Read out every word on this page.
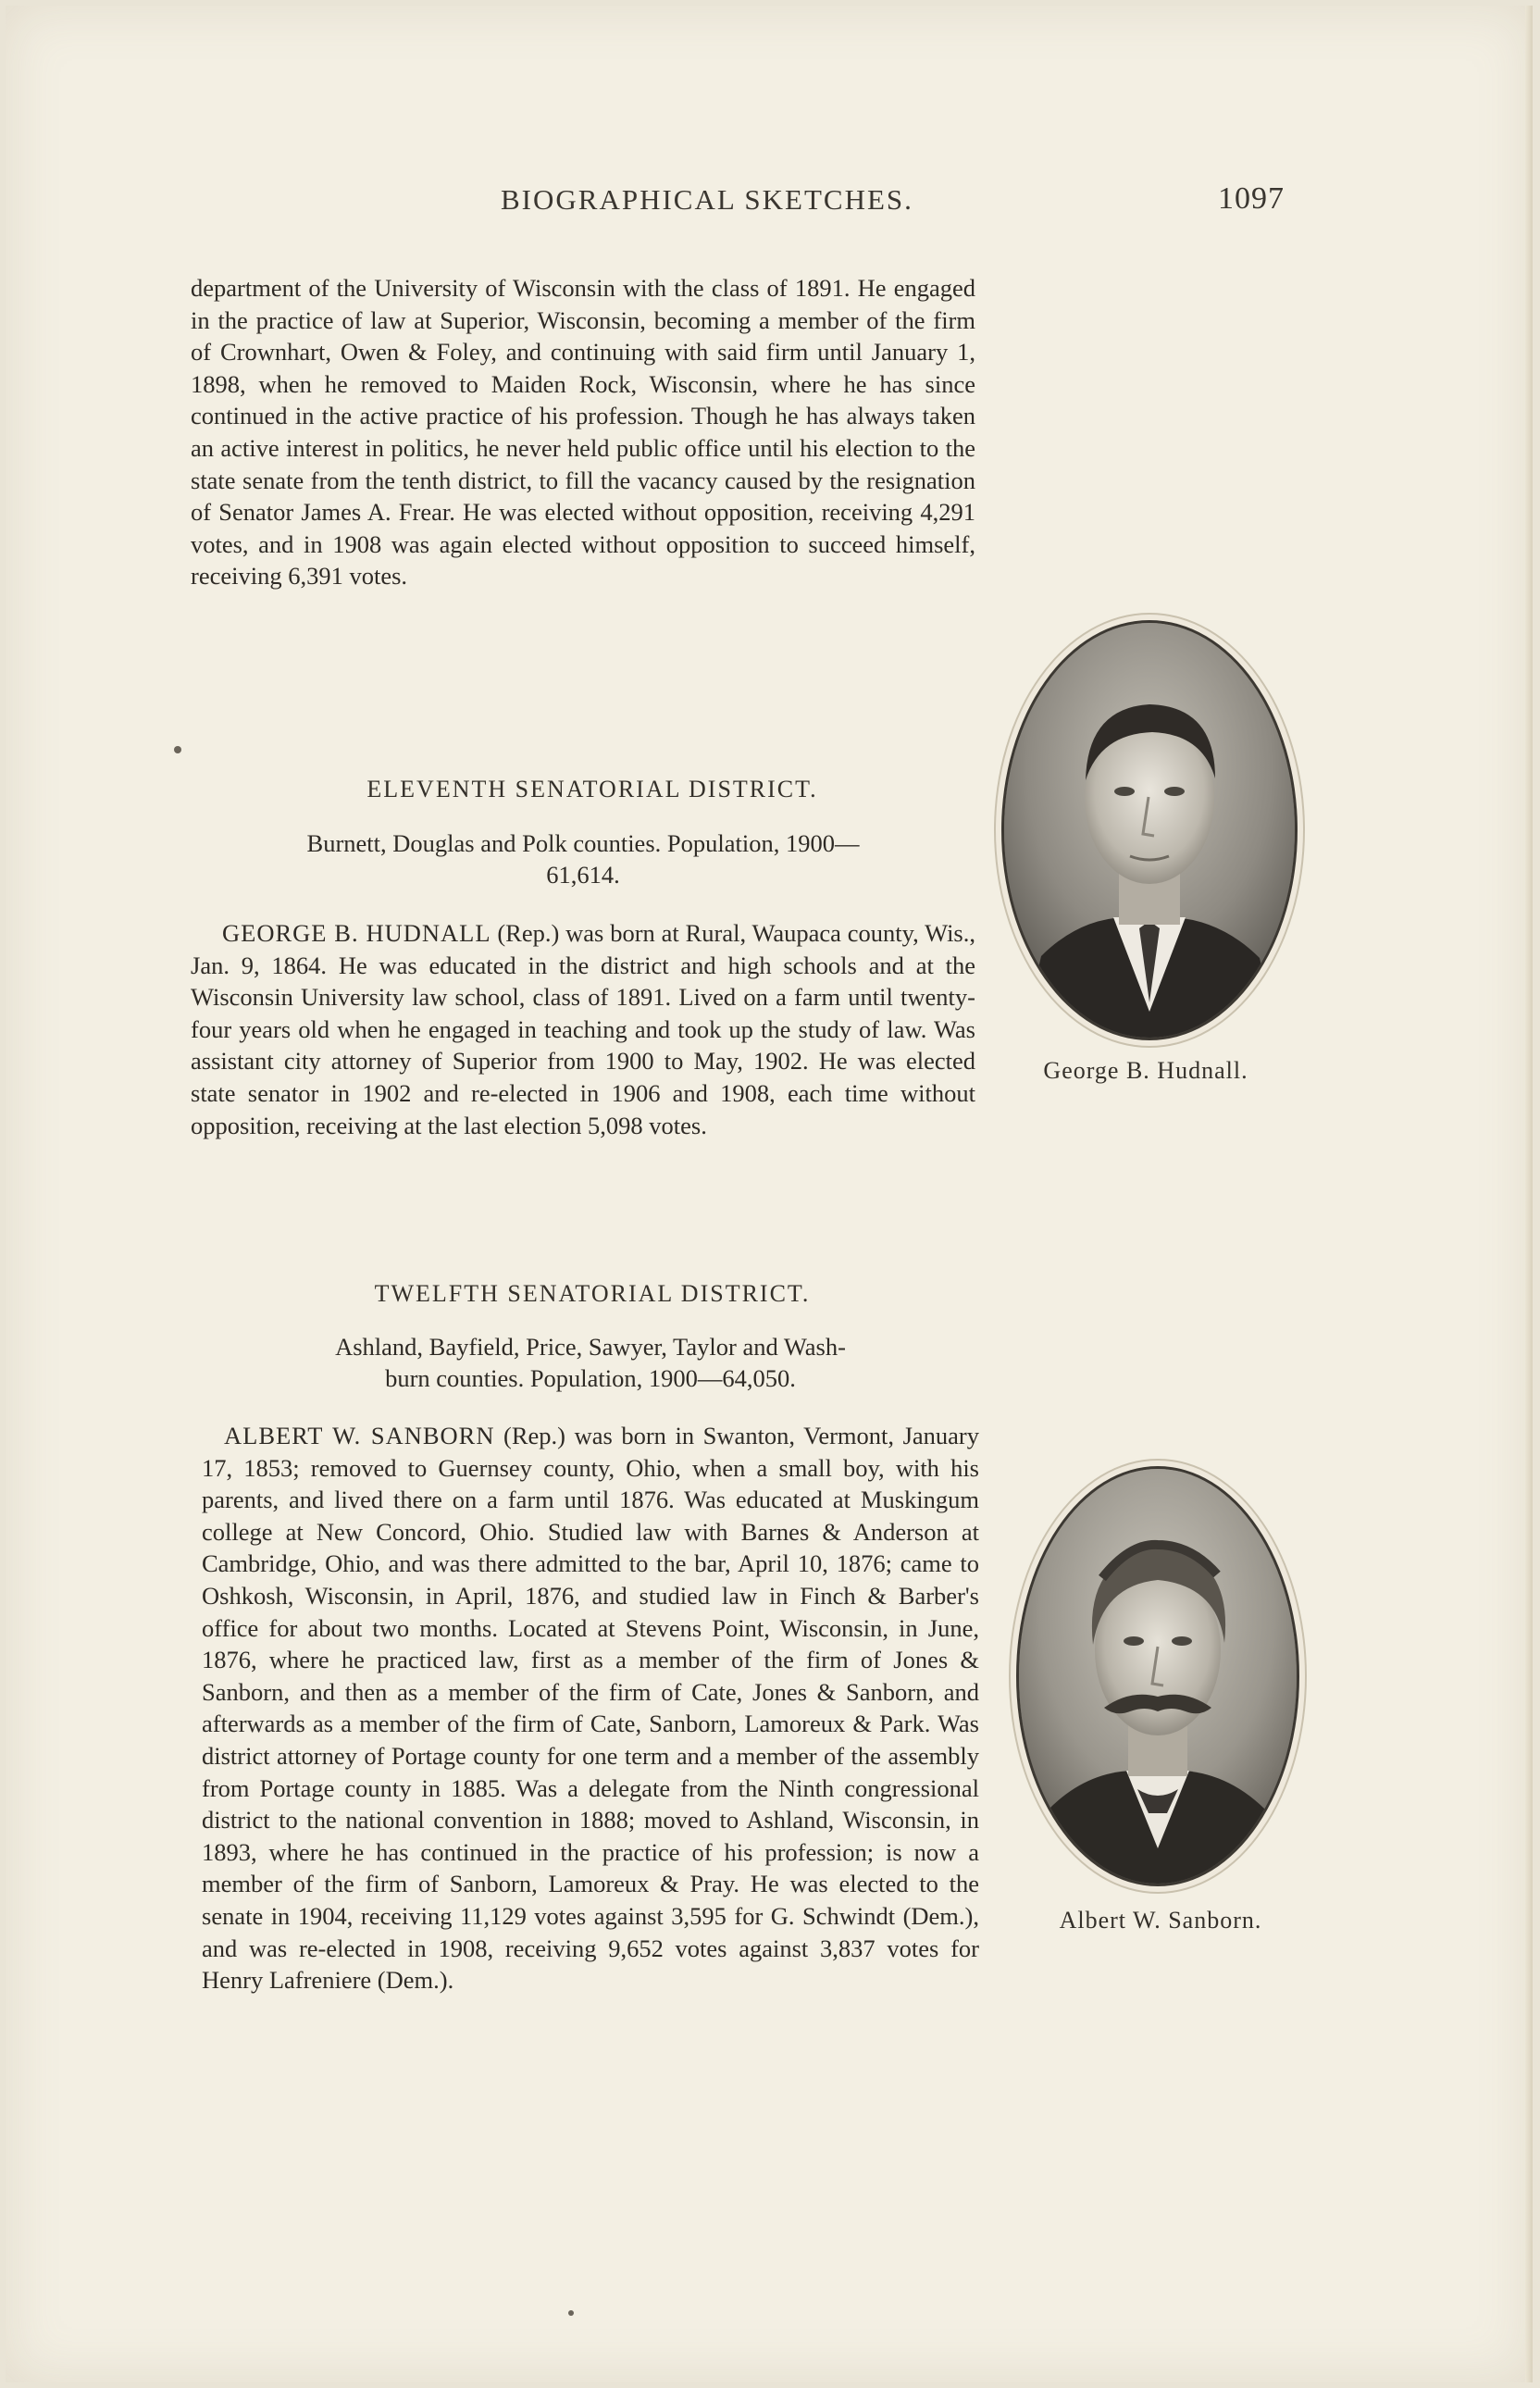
BIOGRAPHICAL SKETCHES.	1097
department of the University of Wisconsin with the class of 1891. He engaged in the practice of law at Superior, Wisconsin, becoming a member of the firm of Crownhart, Owen & Foley, and continuing with said firm until January 1, 1898, when he removed to Maiden Rock, Wisconsin, where he has since continued in the active practice of his profession. Though he has always taken an active interest in politics, he never held public office until his election to the state senate from the tenth district, to fill the vacancy caused by the resignation of Senator James A. Frear. He was elected without opposition, receiving 4,291 votes, and in 1908 was again elected without opposition to succeed himself, receiving 6,391 votes.
ELEVENTH SENATORIAL DISTRICT.
Burnett, Douglas and Polk counties. Population, 1900—
61,614.
GEORGE B. HUDNALL (Rep.) was born at Rural, Waupaca county, Wis., Jan. 9, 1864. He was educated in the district and high schools and at the Wisconsin University law school, class of 1891. Lived on a farm until twenty-four years old when he engaged in teaching and took up the study of law. Was assistant city attorney of Superior from 1900 to May, 1902. He was elected state senator in 1902 and re-elected in 1906 and 1908, each time without opposition, receiving at the last election 5,098 votes.
George B. Hudnall.
TWELFTH SENATORIAL DISTRICT.
Ashland, Bayfield, Price, Sawyer, Taylor and Wash-
burn counties. Population, 1900—64,050.
ALBERT W. SANBORN (Rep.) was born in Swanton, Vermont, January 17, 1853; removed to Guernsey county, Ohio, when a small boy, with his parents, and lived there on a farm until 1876. Was educated at Muskingum college at New Concord, Ohio. Studied law with Barnes & Anderson at Cambridge, Ohio, and was there admitted to the bar, April 10, 1876; came to Oshkosh, Wisconsin, in April, 1876, and studied law in Finch & Barber's office for about two months. Located at Stevens Point, Wisconsin, in June, 1876, where he practiced law, first as a member of the firm of Jones & Sanborn, and then as a member of the firm of Cate, Jones & Sanborn, and afterwards as a member of the firm of Cate, Sanborn, Lamoreux & Park. Was district attorney of Portage county for one term and a member of the assembly from Portage county in 1885. Was a delegate from the Ninth congressional district to the national convention in 1888; moved to Ashland, Wisconsin, in 1893, where he has continued in the practice of his profession; is now a member of the firm of Sanborn, Lamoreux & Pray. He was elected to the senate in 1904, receiving 11,129 votes against 3,595 for G. Schwindt (Dem.), and was re-elected in 1908, receiving 9,652 votes against 3,837 votes for Henry Lafreniere (Dem.).
Albert W. Sanborn.
